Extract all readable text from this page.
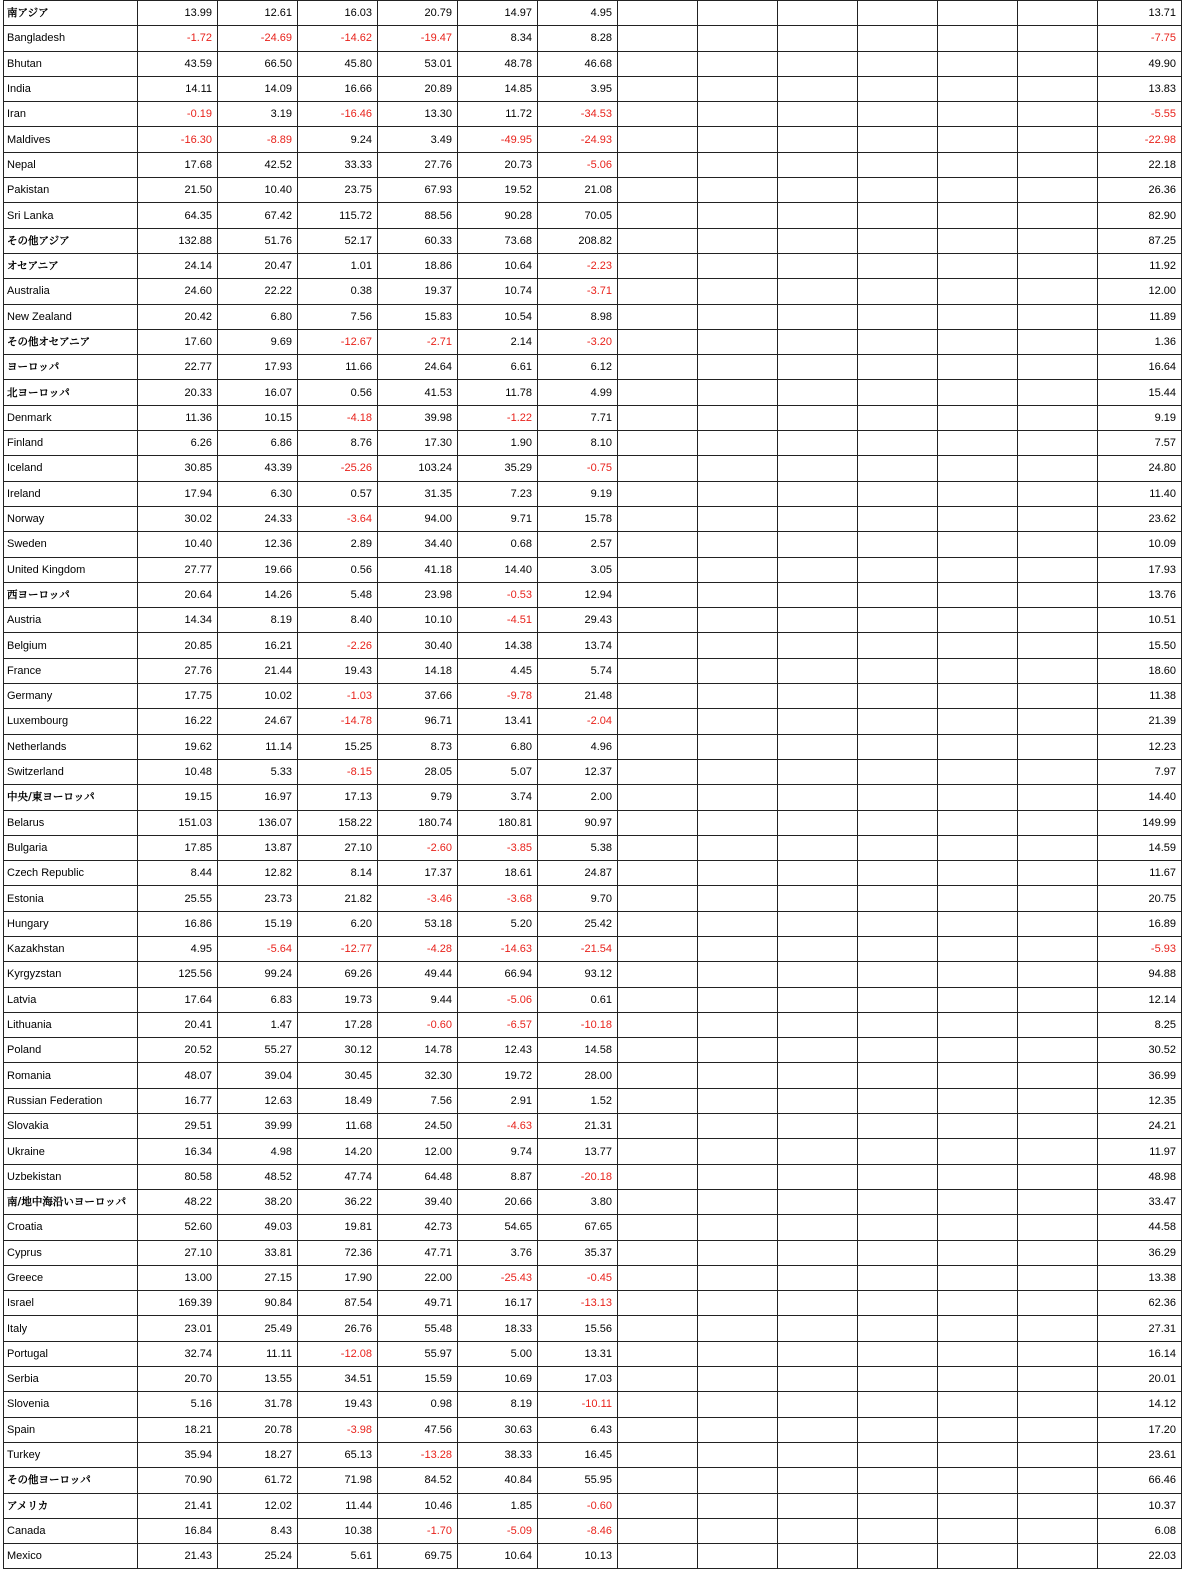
南アジア	13.99	12.61	16.03	20.79	14.97	4.95							13.71
Bangladesh	-1.72	-24.69	-14.62	-19.47	8.34	8.28							-7.75
Bhutan	43.59	66.50	45.80	53.01	48.78	46.68							49.90
India	14.11	14.09	16.66	20.89	14.85	3.95							13.83
Iran	-0.19	3.19	-16.46	13.30	11.72	-34.53							-5.55
Maldives	-16.30	-8.89	9.24	3.49	-49.95	-24.93							-22.98
Nepal	17.68	42.52	33.33	27.76	20.73	-5.06							22.18
Pakistan	21.50	10.40	23.75	67.93	19.52	21.08							26.36
Sri Lanka	64.35	67.42	115.72	88.56	90.28	70.05							82.90
その他アジア	132.88	51.76	52.17	60.33	73.68	208.82							87.25
オセアニア	24.14	20.47	1.01	18.86	10.64	-2.23							11.92
Australia	24.60	22.22	0.38	19.37	10.74	-3.71							12.00
New Zealand	20.42	6.80	7.56	15.83	10.54	8.98							11.89
その他オセアニア	17.60	9.69	-12.67	-2.71	2.14	-3.20							1.36
ヨーロッパ	22.77	17.93	11.66	24.64	6.61	6.12							16.64
北ヨーロッパ	20.33	16.07	0.56	41.53	11.78	4.99							15.44
Denmark	11.36	10.15	-4.18	39.98	-1.22	7.71							9.19
Finland	6.26	6.86	8.76	17.30	1.90	8.10							7.57
Iceland	30.85	43.39	-25.26	103.24	35.29	-0.75							24.80
Ireland	17.94	6.30	0.57	31.35	7.23	9.19							11.40
Norway	30.02	24.33	-3.64	94.00	9.71	15.78							23.62
Sweden	10.40	12.36	2.89	34.40	0.68	2.57							10.09
United Kingdom	27.77	19.66	0.56	41.18	14.40	3.05							17.93
西ヨーロッパ	20.64	14.26	5.48	23.98	-0.53	12.94							13.76
Austria	14.34	8.19	8.40	10.10	-4.51	29.43							10.51
Belgium	20.85	16.21	-2.26	30.40	14.38	13.74							15.50
France	27.76	21.44	19.43	14.18	4.45	5.74							18.60
Germany	17.75	10.02	-1.03	37.66	-9.78	21.48							11.38
Luxembourg	16.22	24.67	-14.78	96.71	13.41	-2.04							21.39
Netherlands	19.62	11.14	15.25	8.73	6.80	4.96							12.23
Switzerland	10.48	5.33	-8.15	28.05	5.07	12.37							7.97
中央/東ヨーロッパ	19.15	16.97	17.13	9.79	3.74	2.00							14.40
Belarus	151.03	136.07	158.22	180.74	180.81	90.97							149.99
Bulgaria	17.85	13.87	27.10	-2.60	-3.85	5.38							14.59
Czech Republic	8.44	12.82	8.14	17.37	18.61	24.87							11.67
Estonia	25.55	23.73	21.82	-3.46	-3.68	9.70							20.75
Hungary	16.86	15.19	6.20	53.18	5.20	25.42							16.89
Kazakhstan	4.95	-5.64	-12.77	-4.28	-14.63	-21.54							-5.93
Kyrgyzstan	125.56	99.24	69.26	49.44	66.94	93.12							94.88
Latvia	17.64	6.83	19.73	9.44	-5.06	0.61							12.14
Lithuania	20.41	1.47	17.28	-0.60	-6.57	-10.18							8.25
Poland	20.52	55.27	30.12	14.78	12.43	14.58							30.52
Romania	48.07	39.04	30.45	32.30	19.72	28.00							36.99
Russian Federation	16.77	12.63	18.49	7.56	2.91	1.52							12.35
Slovakia	29.51	39.99	11.68	24.50	-4.63	21.31							24.21
Ukraine	16.34	4.98	14.20	12.00	9.74	13.77							11.97
Uzbekistan	80.58	48.52	47.74	64.48	8.87	-20.18							48.98
南/地中海沿いヨーロッパ	48.22	38.20	36.22	39.40	20.66	3.80							33.47
Croatia	52.60	49.03	19.81	42.73	54.65	67.65							44.58
Cyprus	27.10	33.81	72.36	47.71	3.76	35.37							36.29
Greece	13.00	27.15	17.90	22.00	-25.43	-0.45							13.38
Israel	169.39	90.84	87.54	49.71	16.17	-13.13							62.36
Italy	23.01	25.49	26.76	55.48	18.33	15.56							27.31
Portugal	32.74	11.11	-12.08	55.97	5.00	13.31							16.14
Serbia	20.70	13.55	34.51	15.59	10.69	17.03							20.01
Slovenia	5.16	31.78	19.43	0.98	8.19	-10.11							14.12
Spain	18.21	20.78	-3.98	47.56	30.63	6.43							17.20
Turkey	35.94	18.27	65.13	-13.28	38.33	16.45							23.61
その他ヨーロッパ	70.90	61.72	71.98	84.52	40.84	55.95							66.46
アメリカ	21.41	12.02	11.44	10.46	1.85	-0.60							10.37
Canada	16.84	8.43	10.38	-1.70	-5.09	-8.46							6.08
Mexico	21.43	25.24	5.61	69.75	10.64	10.13							22.03
